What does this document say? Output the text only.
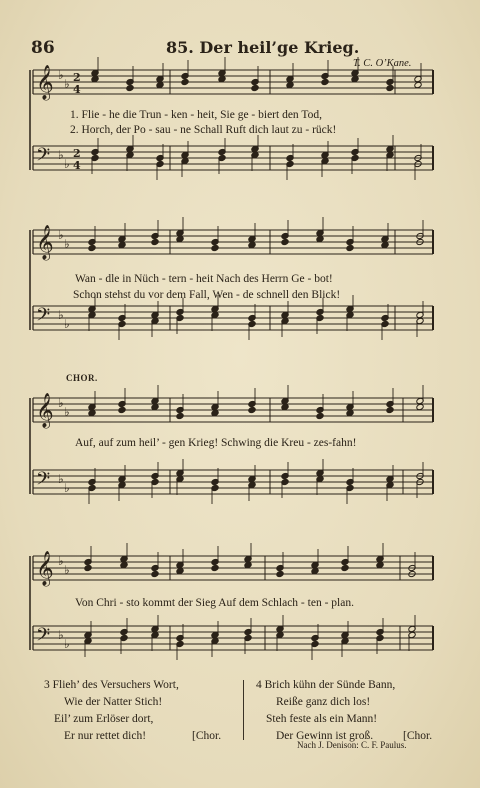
86	85. Der heil’ge Krieg.
T. C. O’Kane.
𝄞 ♭
♭ 2
4
𝄢 ♭
♭
2
4
𝄞 ♭
♭
𝄢 ♭
♭
𝄞 ♭
♭
𝄢 ♭
♭
𝄞 ♭
♭
𝄢 ♭
♭
CHOR.
1. Flie - he die Trun - ken - heit, Sie ge - biert den Tod,
2. Horch, der Po - sau - ne Schall Ruft dich laut zu - rück!
Wan - dle in Nüch - tern - heit Nach des Herrn Ge - bot!
Schon stehst du vor dem Fall, Wen - de schnell den Blick!
Auf, auf zum heil’ - gen Krieg! Schwing die Kreu - zes-fahn!
Von Chri - sto kommt der Sieg Auf dem Schlach - ten - plan.
3 Flieh’ des Versuchers Wort,
Wie der Natter Stich!
Eil’ zum Erlöser dort,
Er nur rettet dich!	[Chor.
4 Brich kühn der Sünde Bann,
Reiße ganz dich los!
Steh feste als ein Mann!
Der Gewinn ist groß.	[Chor.
Nach J. Denison: C. F. Paulus.
